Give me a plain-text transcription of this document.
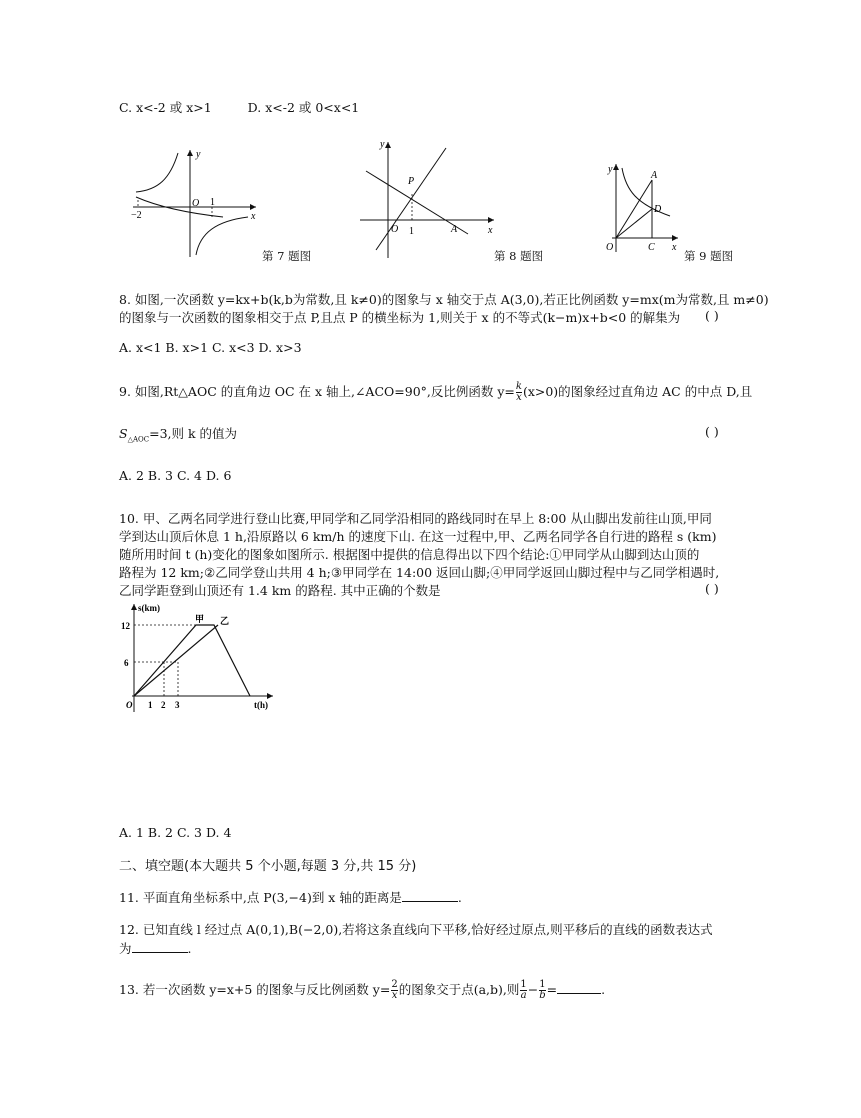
C. x<-2 或 x>1	D. x<-2 或 0<x<1
y
x
O 1
−2
第 7 题图
y
x
O 1
P
A
第 8 题图
y
x
O
A
D
C
第 9 题图
8. 如图,一次函数 y=kx+b(k,b为常数,且 k≠0)的图象与 x 轴交于点 A(3,0),若正比例函数 y=mx(m为常数,且 m≠0)
的图象与一次函数的图象相交于点 P,且点 P 的横坐标为 1,则关于 x 的不等式(k−m)x+b<0 的解集为 ( )
A. x<1 B. x>1 C. x<3 D. x>3
9. 如图,Rt△AOC 的直角边 OC 在 x 轴上,∠ACO=90°,反比例函数 $y= \frac{k}{x} (x>0)$的图象经过直角边 AC 的中点 D,且
$S_{\triangle AOC}=3$,则 k 的值为	( )
A. 2 B. 3 C. 4 D. 6
10. 甲、乙两名同学进行登山比赛,甲同学和乙同学沿相同的路线同时在早上 8:00 从山脚出发前往山顶,甲同
学到达山顶后休息 1 h,沿原路以 6 km/h 的速度下山. 在这一过程中,甲、乙两名同学各自行进的路程 s (km)
随所用时间 t (h)变化的图象如图所示. 根据图中提供的信息得出以下四个结论:①甲同学从山脚到达山顶的
路程为 12 km;②乙同学登山共用 4 h;③甲同学在 14:00 返回山脚;④甲同学返回山脚过程中与乙同学相遇时,
乙同学距登到山顶还有 1.4 km 的路程. 其中正确的个数是	( )
s(km)
t(h)
12
6
O 1 2 3
甲 乙
A. 1 B. 2 C. 3 D. 4
二、填空题(本大题共 5 个小题,每题 3 分,共 15 分)
11. 平面直角坐标系中,点 P(3,−4)到 x 轴的距离是	.
12. 已知直线 l 经过点 A(0,1),B(−2,0),若将这条直线向下平移,恰好经过原点,则平移后的直线的函数表达式
为	.
13. 若一次函数 y=x+5 的图象与反比例函数 $y= \frac{2}{x}$ 的图象交于点(a,b),则 $\frac{1}{a} - \frac{1}{b}$ =	.
